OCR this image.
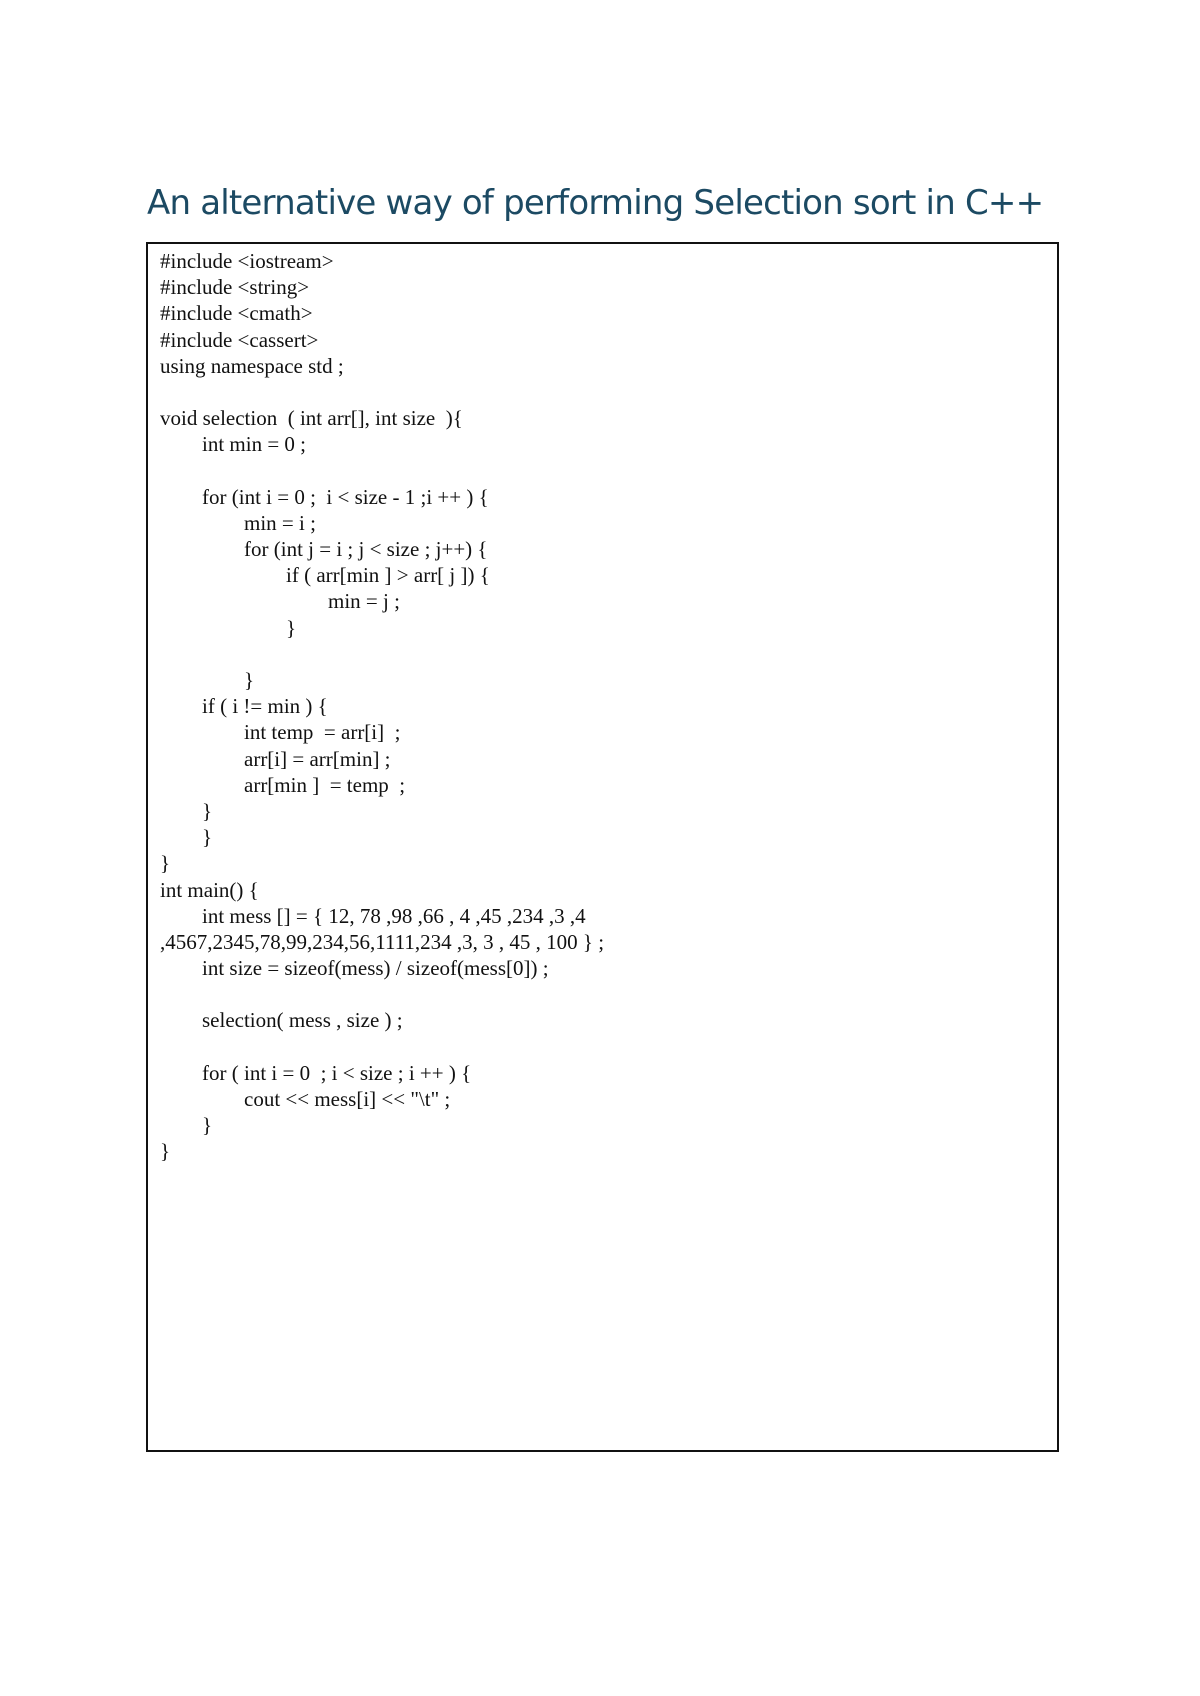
An alternative way of performing Selection sort in C++
#include <iostream>
#include <string>
#include <cmath>
#include <cassert>
using namespace std ;
void selection  ( int arr[], int size  ){
int min = 0 ;
for (int i = 0 ;  i < size - 1 ;i ++ ) {
min = i ;
for (int j = i ; j < size ; j++) {
if ( arr[min ] > arr[ j ]) {
min = j ;
}
}
if ( i != min ) {
int temp  = arr[i]  ;
arr[i] = arr[min] ;
arr[min ]  = temp  ;
}
}
}
int main() {
int mess [] = { 12, 78 ,98 ,66 , 4 ,45 ,234 ,3 ,4
,4567,2345,78,99,234,56,1111,234 ,3, 3 , 45 , 100 } ;
int size = sizeof(mess) / sizeof(mess[0]) ;
selection( mess , size ) ;
for ( int i = 0  ; i < size ; i ++ ) {
cout << mess[i] << "\t" ;
}
}
